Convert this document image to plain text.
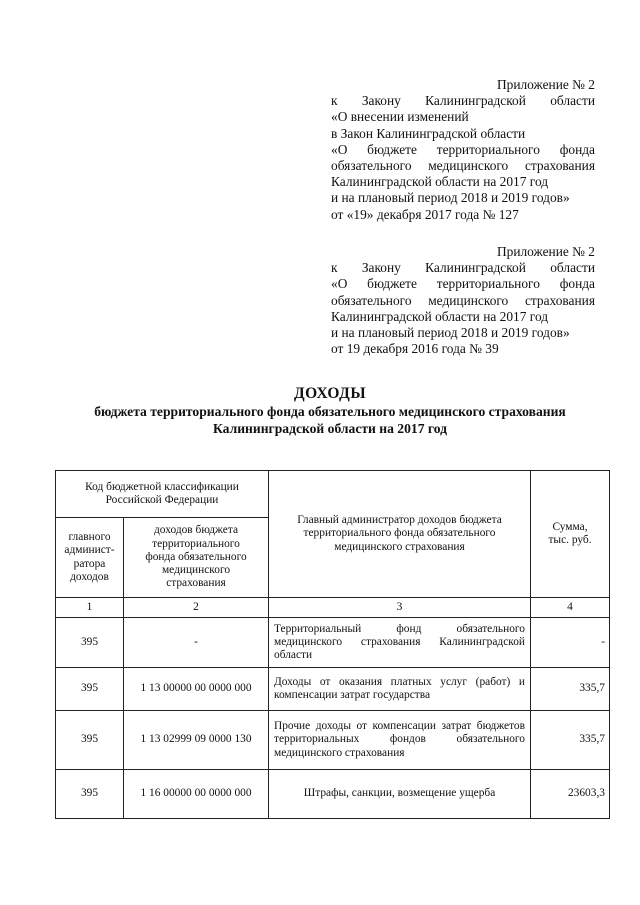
Приложение № 2
к Закону Калининградской области
«О внесении изменений
в Закон Калининградской области
«О бюджете территориального фонда
обязательного медицинского страхования
Калининградской области на 2017 год
и на плановый период 2018 и 2019 годов»
от «19» декабря 2017 года № 127
Приложение № 2
к Закону Калининградской области
«О бюджете территориального фонда
обязательного медицинского страхования
Калининградской области на 2017 год
и на плановый период 2018 и 2019 годов»
от 19 декабря 2016 года № 39
ДОХОДЫ
бюджета территориального фонда обязательного медицинского страхования
Калининградской области на 2017 год
Код бюджетной классификации Российской Федерации		Главный администратор доходов бюджета территориального фонда обязательного медицинского страхования	Сумма, тыс. руб.
главного админист-ратора доходов	доходов бюджета территориального фонда обязательного медицинского страхования		
1	2	3	4
395	-	Территориальный фонд обязательного медицинского страхования Калининградской области	-
395	1 13 00000 00 0000 000	Доходы от оказания платных услуг (работ) и компенсации затрат государства	335,7
395	1 13 02999 09 0000 130	Прочие доходы от компенсации затрат бюджетов территориальных фондов обязательного медицинского страхования	335,7
395	1 16 00000 00 0000 000	Штрафы, санкции, возмещение ущерба	23603,3
